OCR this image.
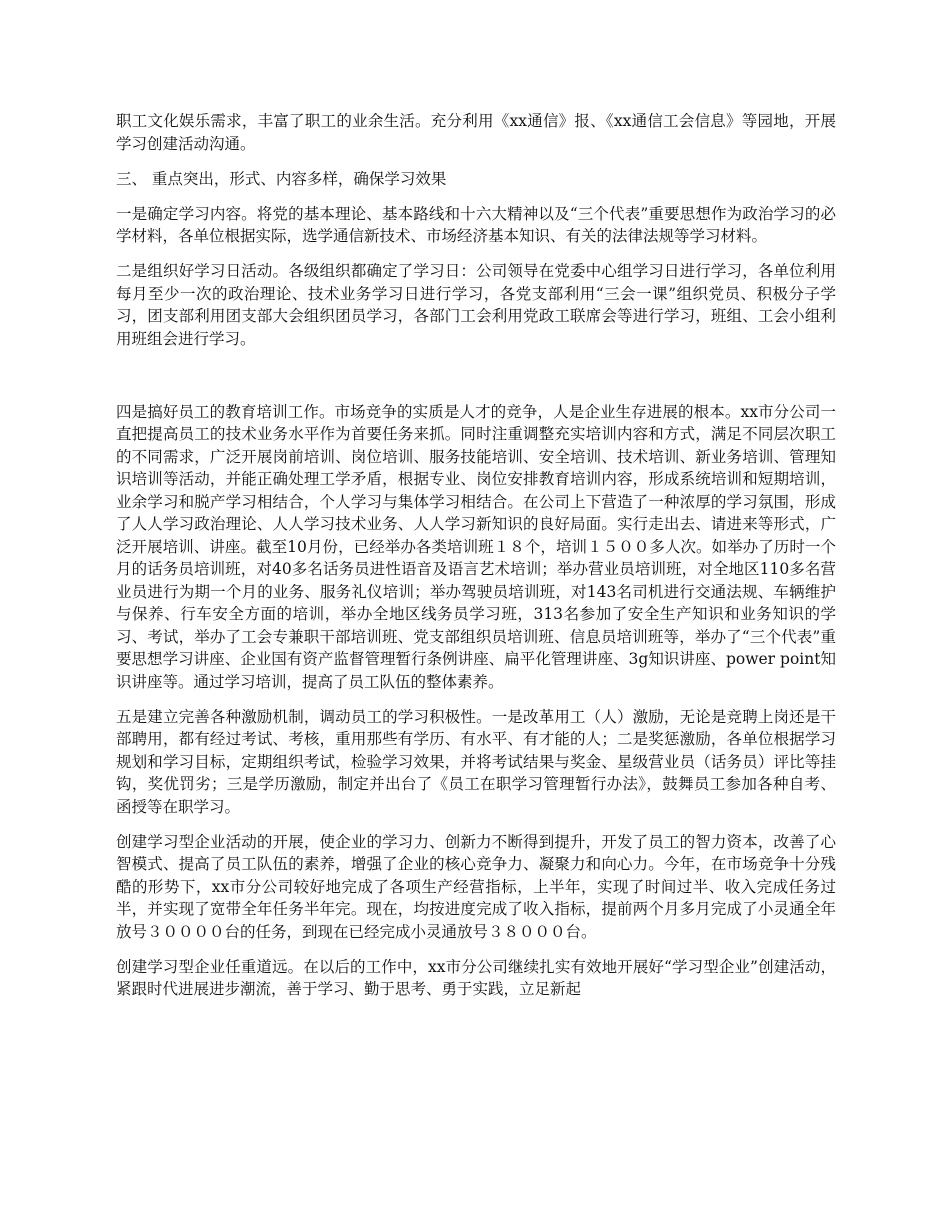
职工文化娱乐需求，丰富了职工的业余生活。充分利用《xx通信》报、《xx通信工会信息》等园地，开展学习创建活动沟通。

三、 重点突出，形式、内容多样，确保学习效果

一是确定学习内容。将党的基本理论、基本路线和十六大精神以及“三个代表”重要思想作为政治学习的必学材料，各单位根据实际，选学通信新技术、市场经济基本知识、有关的法律法规等学习材料。

二是组织好学习日活动。各级组织都确定了学习日：公司领导在党委中心组学习日进行学习，各单位利用每月至少一次的政治理论、技术业务学习日进行学习，各党支部利用“三会一课”组织党员、积极分子学习，团支部利用团支部大会组织团员学习，各部门工会利用党政工联席会等进行学习，班组、工会小组利用班组会进行学习。

四是搞好员工的教育培训工作。市场竞争的实质是人才的竞争，人是企业生存进展的根本。xx市分公司一直把提高员工的技术业务水平作为首要任务来抓。同时注重调整充实培训内容和方式，满足不同层次职工的不同需求，广泛开展岗前培训、岗位培训、服务技能培训、安全培训、技术培训、新业务培训、管理知识培训等活动，并能正确处理工学矛盾，根据专业、岗位安排教育培训内容，形成系统培训和短期培训，业余学习和脱产学习相结合，个人学习与集体学习相结合。在公司上下营造了一种浓厚的学习氛围，形成了人人学习政治理论、人人学习技术业务、人人学习新知识的良好局面。实行走出去、请进来等形式，广泛开展培训、讲座。截至10月份，已经举办各类培训班１８个，培训１５００多人次。如举办了历时一个月的话务员培训班，对40多名话务员进性语音及语言艺术培训；举办营业员培训班，对全地区110多名营业员进行为期一个月的业务、服务礼仪培训；举办驾驶员培训班，对143名司机进行交通法规、车辆维护与保养、行车安全方面的培训，举办全地区线务员学习班，313名参加了安全生产知识和业务知识的学习、考试，举办了工会专兼职干部培训班、党支部组织员培训班、信息员培训班等，举办了“三个代表”重要思想学习讲座、企业国有资产监督管理暂行条例讲座、扁平化管理讲座、3g知识讲座、power point知识讲座等。通过学习培训，提高了员工队伍的整体素养。

五是建立完善各种激励机制，调动员工的学习积极性。一是改革用工（人）激励，无论是竞聘上岗还是干部聘用，都有经过考试、考核，重用那些有学历、有水平、有才能的人；二是奖惩激励，各单位根据学习规划和学习目标，定期组织考试，检验学习效果，并将考试结果与奖金、星级营业员（话务员）评比等挂钩，奖优罚劣；三是学历激励，制定并出台了《员工在职学习管理暂行办法》，鼓舞员工参加各种自考、函授等在职学习。

创建学习型企业活动的开展，使企业的学习力、创新力不断得到提升，开发了员工的智力资本，改善了心智模式、提高了员工队伍的素养，增强了企业的核心竞争力、凝聚力和向心力。今年，在市场竞争十分残酷的形势下，xx市分公司较好地完成了各项生产经营指标，上半年，实现了时间过半、收入完成任务过半，并实现了宽带全年任务半年完。现在，均按进度完成了收入指标，提前两个月多月完成了小灵通全年放号３００００台的任务，到现在已经完成小灵通放号３８０００台。

创建学习型企业任重道远。在以后的工作中，xx市分公司继续扎实有效地开展好“学习型企业”创建活动，紧跟时代进展进步潮流，善于学习、勤于思考、勇于实践，立足新起
